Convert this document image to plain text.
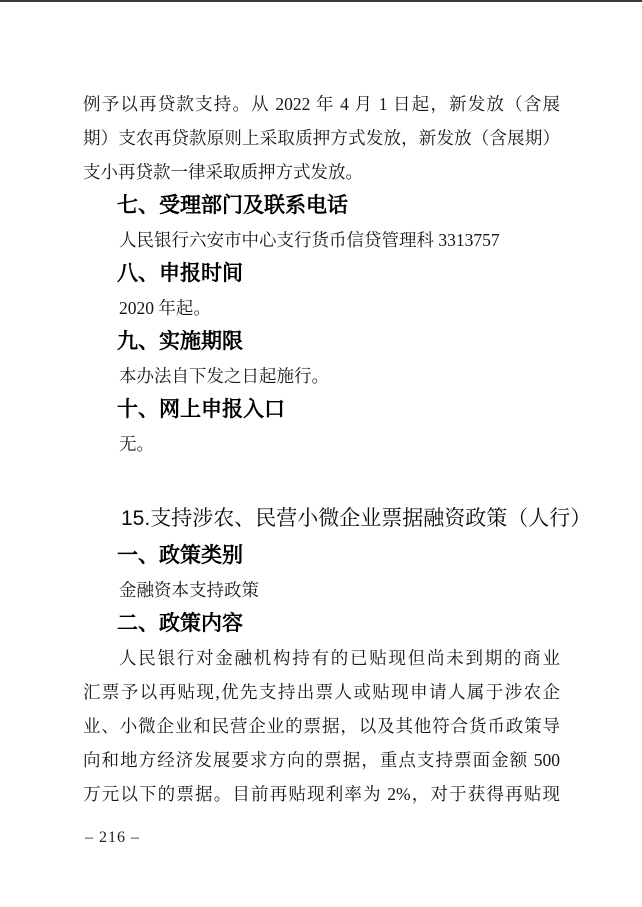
例予以再贷款支持。从 2022 年 4 月 1 日起，新发放（含展
期）支农再贷款原则上采取质押方式发放，新发放（含展期）
支小再贷款一律采取质押方式发放。
七、受理部门及联系电话
人民银行六安市中心支行货币信贷管理科 3313757
八、申报时间
2020 年起。
九、实施期限
本办法自下发之日起施行。
十、网上申报入口
无。
15.支持涉农、民营小微企业票据融资政策（人行）
一、政策类别
金融资本支持政策
二、政策内容
人民银行对金融机构持有的已贴现但尚未到期的商业
汇票予以再贴现,优先支持出票人或贴现申请人属于涉农企
业、小微企业和民营企业的票据，以及其他符合货币政策导
向和地方经济发展要求方向的票据，重点支持票面金额 500
万元以下的票据。目前再贴现利率为 2%，对于获得再贴现
– 216 –
